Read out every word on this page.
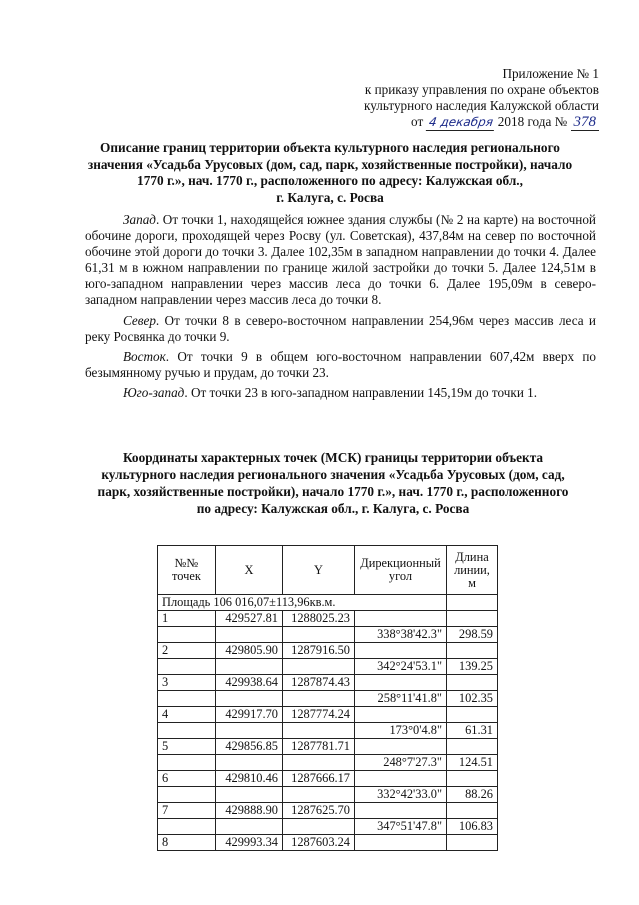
Приложение № 1
к приказу управления по охране объектов
культурного наследия Калужской области
от 4 декабря 2018 года № 378
Описание границ территории объекта культурного наследия регионального
значения «Усадьба Урусовых (дом, сад, парк, хозяйственные постройки), начало
1770 г.», нач. 1770 г., расположенного по адресу: Калужская обл.,
г. Калуга, с. Росва

Запад. От точки 1, находящейся южнее здания службы (№ 2 на карте) на восточной обочине дороги, проходящей через Росву (ул. Советская), 437,84м на север по восточной обочине этой дороги до точки 3. Далее 102,35м в западном направлении до точки 4. Далее 61,31 м в южном направлении по границе жилой застройки до точки 5. Далее 124,51м в юго-западном направлении через массив леса до точки 6. Далее 195,09м в северо-западном направлении через массив леса до точки 8.

Север. От точки 8 в северо-восточном направлении 254,96м через массив леса и реку Росвянка до точки 9.

Восток. От точки 9 в общем юго-восточном направлении 607,42м вверх по безымянному ручью и прудам, до точки 23.

Юго-запад. От точки 23 в юго-западном направлении 145,19м до точки 1.

Координаты характерных точек (МСК) границы территории объекта
культурного наследия регионального значения «Усадьба Урусовых (дом, сад,
парк, хозяйственные постройки), начало 1770 г.», нач. 1770 г., расположенного
по адресу: Калужская обл., г. Калуга, с. Росва
№№ точек	X	Y	Дирекционный угол	Длина линии, м
Площадь 106 016,07±113,96кв.м.				
1	429527.81	1288025.23		
			338°38'42.3"	298.59
2	429805.90	1287916.50		
			342°24'53.1"	139.25
3	429938.64	1287874.43		
			258°11'41.8"	102.35
4	429917.70	1287774.24		
			173°0'4.8"	61.31
5	429856.85	1287781.71		
			248°7'27.3"	124.51
6	429810.46	1287666.17		
			332°42'33.0"	88.26
7	429888.90	1287625.70		
			347°51'47.8"	106.83
8	429993.34	1287603.24		
